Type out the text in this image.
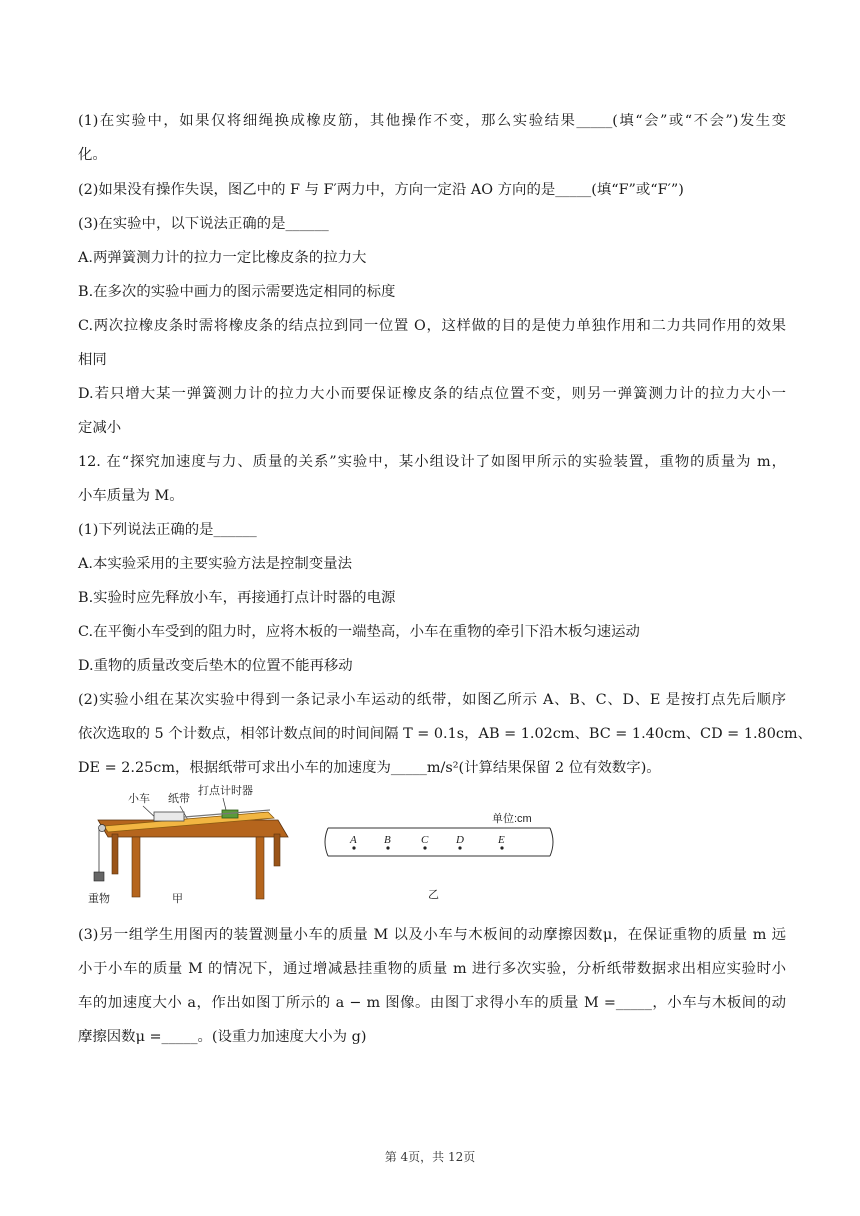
(1)在实验中，如果仅将细绳换成橡皮筋，其他操作不变，那么实验结果_____(填“会”或“不会”)发生变
化。
(2)如果没有操作失误，图乙中的 F 与 F′两力中，方向一定沿 AO 方向的是_____(填“F”或“F′”)
(3)在实验中，以下说法正确的是______
A.两弹簧测力计的拉力一定比橡皮条的拉力大
B.在多次的实验中画力的图示需要选定相同的标度
C.两次拉橡皮条时需将橡皮条的结点拉到同一位置 O，这样做的目的是使力单独作用和二力共同作用的效果
相同
D.若只增大某一弹簧测力计的拉力大小而要保证橡皮条的结点位置不变，则另一弹簧测力计的拉力大小一
定减小
12. 在“探究加速度与力、质量的关系”实验中，某小组设计了如图甲所示的实验装置，重物的质量为 m，
小车质量为 M。
(1)下列说法正确的是______
A.本实验采用的主要实验方法是控制变量法
B.实验时应先释放小车，再接通打点计时器的电源
C.在平衡小车受到的阻力时，应将木板的一端垫高，小车在重物的牵引下沿木板匀速运动
D.重物的质量改变后垫木的位置不能再移动
(2)实验小组在某次实验中得到一条记录小车运动的纸带，如图乙所示 A、B、C、D、E 是按打点先后顺序
依次选取的 5 个计数点，相邻计数点间的时间间隔 T = 0.1s，AB = 1.02cm、BC = 1.40cm、CD = 1.80cm、
DE = 2.25cm，根据纸带可求出小车的加速度为_____m/s²(计算结果保留 2 位有效数字)。
小车 纸带
打点计时器
重物	甲
单位:cm
A B	C	D	E
乙
(3)另一组学生用图丙的装置测量小车的质量 M 以及小车与木板间的动摩擦因数μ，在保证重物的质量 m 远
小于小车的质量 M 的情况下，通过增减悬挂重物的质量 m 进行多次实验，分析纸带数据求出相应实验时小
车的加速度大小 a，作出如图丁所示的 a − m 图像。由图丁求得小车的质量 M =_____，小车与木板间的动
摩擦因数μ =_____。(设重力加速度大小为 g)
第 4页，共 12页
